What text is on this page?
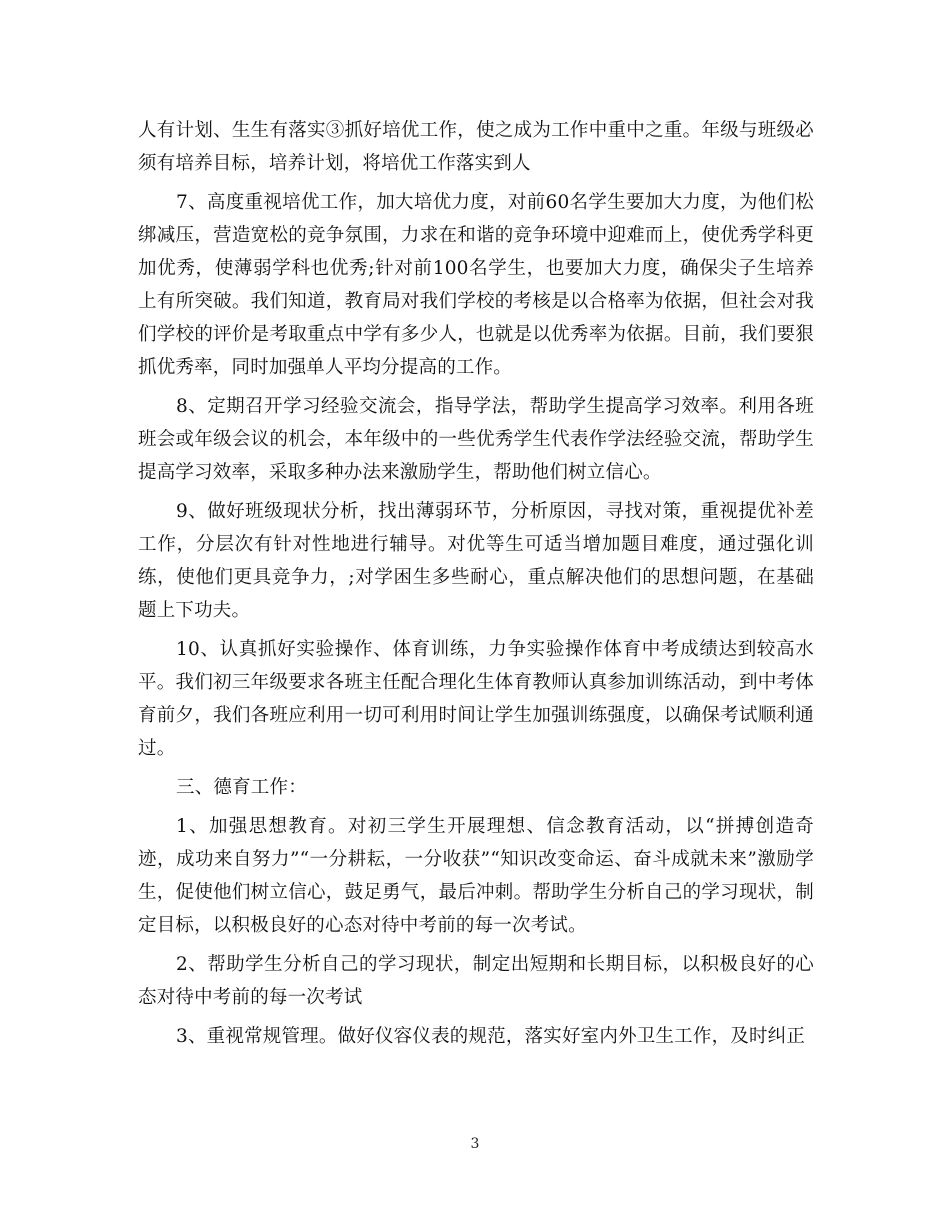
人有计划、生生有落实③抓好培优工作，使之成为工作中重中之重。年级与班级必须有培养目标，培养计划，将培优工作落实到人

7、高度重视培优工作，加大培优力度，对前60名学生要加大力度，为他们松绑减压，营造宽松的竞争氛围，力求在和谐的竞争环境中迎难而上，使优秀学科更加优秀，使薄弱学科也优秀;针对前100名学生，也要加大力度，确保尖子生培养上有所突破。我们知道，教育局对我们学校的考核是以合格率为依据，但社会对我们学校的评价是考取重点中学有多少人，也就是以优秀率为依据。目前，我们要狠抓优秀率，同时加强单人平均分提高的工作。

8、定期召开学习经验交流会，指导学法，帮助学生提高学习效率。利用各班班会或年级会议的机会，本年级中的一些优秀学生代表作学法经验交流，帮助学生提高学习效率，采取多种办法来激励学生，帮助他们树立信心。

9、做好班级现状分析，找出薄弱环节，分析原因，寻找对策，重视提优补差工作，分层次有针对性地进行辅导。对优等生可适当增加题目难度，通过强化训练，使他们更具竞争力，;对学困生多些耐心，重点解决他们的思想问题，在基础题上下功夫。

10、认真抓好实验操作、体育训练，力争实验操作体育中考成绩达到较高水平。我们初三年级要求各班主任配合理化生体育教师认真参加训练活动，到中考体育前夕，我们各班应利用一切可利用时间让学生加强训练强度，以确保考试顺利通过。

三、德育工作：

1、加强思想教育。对初三学生开展理想、信念教育活动，以“拼搏创造奇迹，成功来自努力”“一分耕耘，一分收获”“知识改变命运、奋斗成就未来”激励学生，促使他们树立信心，鼓足勇气，最后冲刺。帮助学生分析自己的学习现状，制定目标，以积极良好的心态对待中考前的每一次考试。

2、帮助学生分析自己的学习现状，制定出短期和长期目标，以积极良好的心态对待中考前的每一次考试

3、重视常规管理。做好仪容仪表的规范，落实好室内外卫生工作，及时纠正

3
